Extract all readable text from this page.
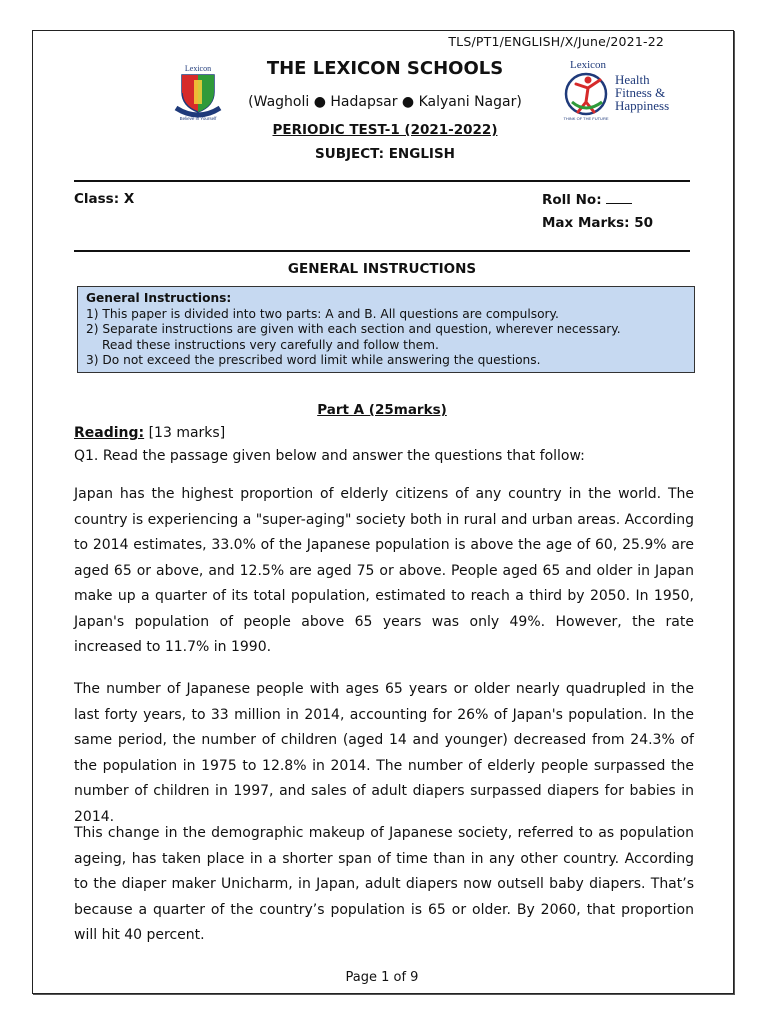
TLS/PT1/ENGLISH/X/June/2021-22
Lexicon
Believe in Yourself
THE LEXICON SCHOOLS
(Wagholi ● Hadapsar ● Kalyani Nagar)
PERIODIC TEST-1 (2021-2022)
SUBJECT: ENGLISH
Lexicon
Health
Fitness &
Happiness
THINK OF THE FUTURE
Class: X	Roll No:
Max Marks: 50
GENERAL INSTRUCTIONS
General Instructions:
1) This paper is divided into two parts: A and B. All questions are compulsory.
2) Separate instructions are given with each section and question, wherever necessary.
Read these instructions very carefully and follow them.
3) Do not exceed the prescribed word limit while answering the questions.
Part A (25marks)
Reading: [13 marks]
Q1. Read the passage given below and answer the questions that follow:

Japan has the highest proportion of elderly citizens of any country in the world. The country is experiencing a "super-aging" society both in rural and urban areas. According to 2014 estimates, 33.0% of the Japanese population is above the age of 60, 25.9% are aged 65 or above, and 12.5% are aged 75 or above. People aged 65 and older in Japan make up a quarter of its total population, estimated to reach a third by 2050. In 1950, Japan's population of people above 65 years was only 49%. However, the rate increased to 11.7% in 1990.

The number of Japanese people with ages 65 years or older nearly quadrupled in the last forty years, to 33 million in 2014, accounting for 26% of Japan's population. In the same period, the number of children (aged 14 and younger) decreased from 24.3% of the population in 1975 to 12.8% in 2014. The number of elderly people surpassed the number of children in 1997, and sales of adult diapers surpassed diapers for babies in 2014.

This change in the demographic makeup of Japanese society, referred to as population ageing, has taken place in a shorter span of time than in any other country. According to the diaper maker Unicharm, in Japan, adult diapers now outsell baby diapers. That’s because a quarter of the country’s population is 65 or older. By 2060, that proportion will hit 40 percent.

Page 1 of 9
